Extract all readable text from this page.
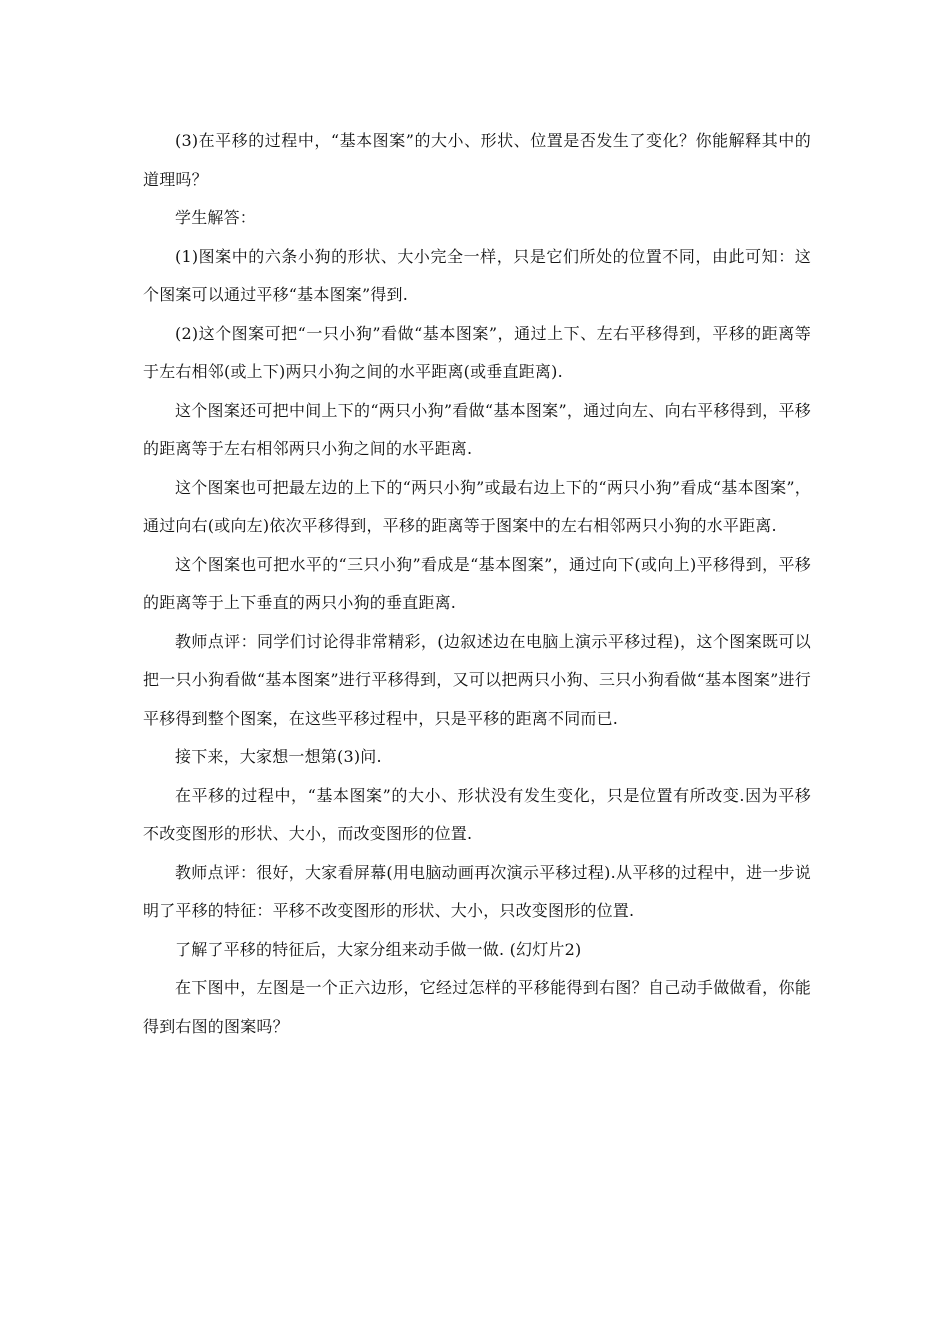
(3)在平移的过程中，“基本图案”的大小、形状、位置是否发生了变化？你能解释其中的道理吗？

学生解答：

(1)图案中的六条小狗的形状、大小完全一样，只是它们所处的位置不同，由此可知：这个图案可以通过平移“基本图案”得到.

(2)这个图案可把“一只小狗”看做“基本图案”，通过上下、左右平移得到，平移的距离等于左右相邻(或上下)两只小狗之间的水平距离(或垂直距离).

这个图案还可把中间上下的“两只小狗”看做“基本图案”，通过向左、向右平移得到，平移的距离等于左右相邻两只小狗之间的水平距离.

这个图案也可把最左边的上下的“两只小狗”或最右边上下的“两只小狗”看成“基本图案”，通过向右(或向左)依次平移得到，平移的距离等于图案中的左右相邻两只小狗的水平距离.

这个图案也可把水平的“三只小狗”看成是“基本图案”，通过向下(或向上)平移得到，平移的距离等于上下垂直的两只小狗的垂直距离.

教师点评：同学们讨论得非常精彩，(边叙述边在电脑上演示平移过程)，这个图案既可以把一只小狗看做“基本图案”进行平移得到，又可以把两只小狗、三只小狗看做“基本图案”进行平移得到整个图案，在这些平移过程中，只是平移的距离不同而已.

接下来，大家想一想第(3)问.

在平移的过程中，“基本图案”的大小、形状没有发生变化，只是位置有所改变.因为平移不改变图形的形状、大小，而改变图形的位置.

教师点评：很好，大家看屏幕(用电脑动画再次演示平移过程).从平移的过程中，进一步说明了平移的特征：平移不改变图形的形状、大小，只改变图形的位置.

了解了平移的特征后，大家分组来动手做一做. (幻灯片2)

在下图中，左图是一个正六边形，它经过怎样的平移能得到右图？自己动手做做看，你能得到右图的图案吗？
